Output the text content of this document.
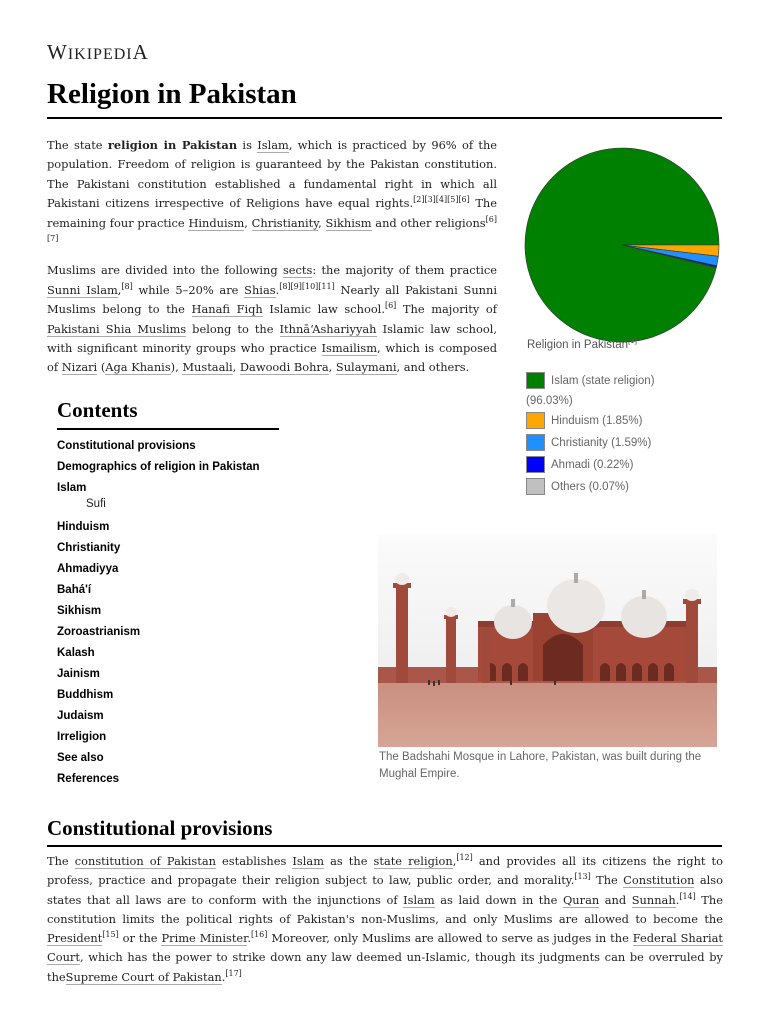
WIKIPEDIA
Religion in Pakistan

The state religion in Pakistan is Islam, which is practiced by 96% of the population. Freedom of religion is guaranteed by the Pakistan constitution. The Pakistani constitution established a fundamental right in which all Pakistani citizens irrespective of Religions have equal rights.[2][3][4][5][6] The remaining four practice Hinduism, Christianity, Sikhism and other religions[6][7]

Muslims are divided into the following sects: the majority of them practice Sunni Islam,[8] while 5–20% are Shias.[8][9][10][11] Nearly all Pakistani Sunni Muslims belong to the Hanafi Fiqh Islamic law school.[6] The majority of Pakistani Shia Muslims belong to the Ithnā‘Ashariyyah Islamic law school, with significant minority groups who practice Ismailism, which is composed of Nizari (Aga Khanis), Mustaali, Dawoodi Bohra, Sulaymani, and others.

Religion in Pakistan[1]
Islam (state religion)
(96.03%)
Hinduism (1.85%)
Christianity (1.59%)
Ahmadi (0.22%)
Others (0.07%)
Contents
Constitutional provisions
Demographics of religion in Pakistan
Islam
Sufi
Hinduism
Christianity
Ahmadiyya
Bahá'í
Sikhism
Zoroastrianism
Kalash
Jainism
Buddhism
Judaism
Irreligion
See also
References
The Badshahi Mosque in Lahore, Pakistan, was built during the Mughal Empire.
Constitutional provisions

The constitution of Pakistan establishes Islam as the state religion,[12] and provides all its citizens the right to profess, practice and propagate their religion subject to law, public order, and morality.[13] The Constitution also states that all laws are to conform with the injunctions of Islam as laid down in the Quran and Sunnah.[14] The constitution limits the political rights of Pakistan's non-Muslims, and only Muslims are allowed to become the President[15] or the Prime Minister.[16] Moreover, only Muslims are allowed to serve as judges in the Federal Shariat Court, which has the power to strike down any law deemed un-Islamic, though its judgments can be overruled by theSupreme Court of Pakistan.[17]
